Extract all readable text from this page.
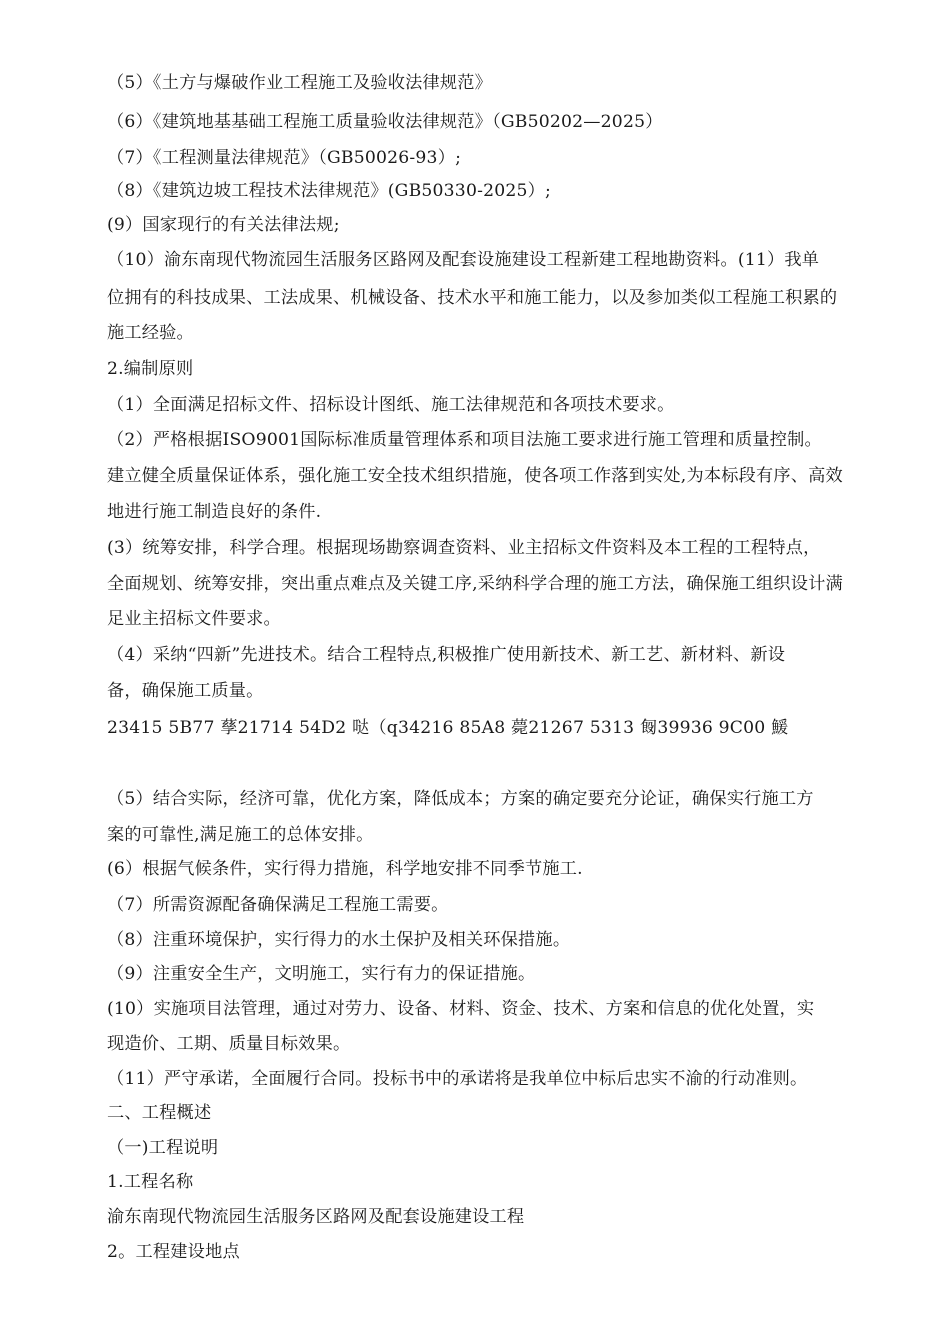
（5）《土方与爆破作业工程施工及验收法律规范》
（6）《建筑地基基础工程施工质量验收法律规范》（GB50202—2025）
（7）《工程测量法律规范》（GB50026-93）;
（8）《建筑边坡工程技术法律规范》(GB50330-2025）;
(9）国家现行的有关法律法规;
（10）渝东南现代物流园生活服务区路网及配套设施建设工程新建工程地勘资料。(11）我单
位拥有的科技成果、工法成果、机械设备、技术水平和施工能力，以及参加类似工程施工积累的
施工经验。
2.编制原则
（1）全面满足招标文件、招标设计图纸、施工法律规范和各项技术要求。
（2）严格根据ISO9001国际标准质量管理体系和项目法施工要求进行施工管理和质量控制。
建立健全质量保证体系，强化施工安全技术组织措施，使各项工作落到实处,为本标段有序、高效
地进行施工制造良好的条件.
(3）统筹安排，科学合理。根据现场勘察调查资料、业主招标文件资料及本工程的工程特点，
全面规划、统筹安排，突出重点难点及关键工序,采纳科学合理的施工方法，确保施工组织设计满
足业主招标文件要求。
（4）采纳“四新”先进技术。结合工程特点,积极推广使用新技术、新工艺、新材料、新设
备，确保施工质量。
23415 5B77 孶21714 54D2 哒（q34216 85A8 薨21267 5313 匓39936 9C00 鰀
（5）结合实际，经济可靠，优化方案，降低成本；方案的确定要充分论证，确保实行施工方
案的可靠性,满足施工的总体安排。
(6）根据气候条件，实行得力措施，科学地安排不同季节施工.
（7）所需资源配备确保满足工程施工需要。
（8）注重环境保护，实行得力的水土保护及相关环保措施。
（9）注重安全生产，文明施工，实行有力的保证措施。
(10）实施项目法管理，通过对劳力、设备、材料、资金、技术、方案和信息的优化处置，实
现造价、工期、质量目标效果。
（11）严守承诺，全面履行合同。投标书中的承诺将是我单位中标后忠实不渝的行动准则。
二、工程概述
（一)工程说明
1.工程名称
渝东南现代物流园生活服务区路网及配套设施建设工程
2。工程建设地点
